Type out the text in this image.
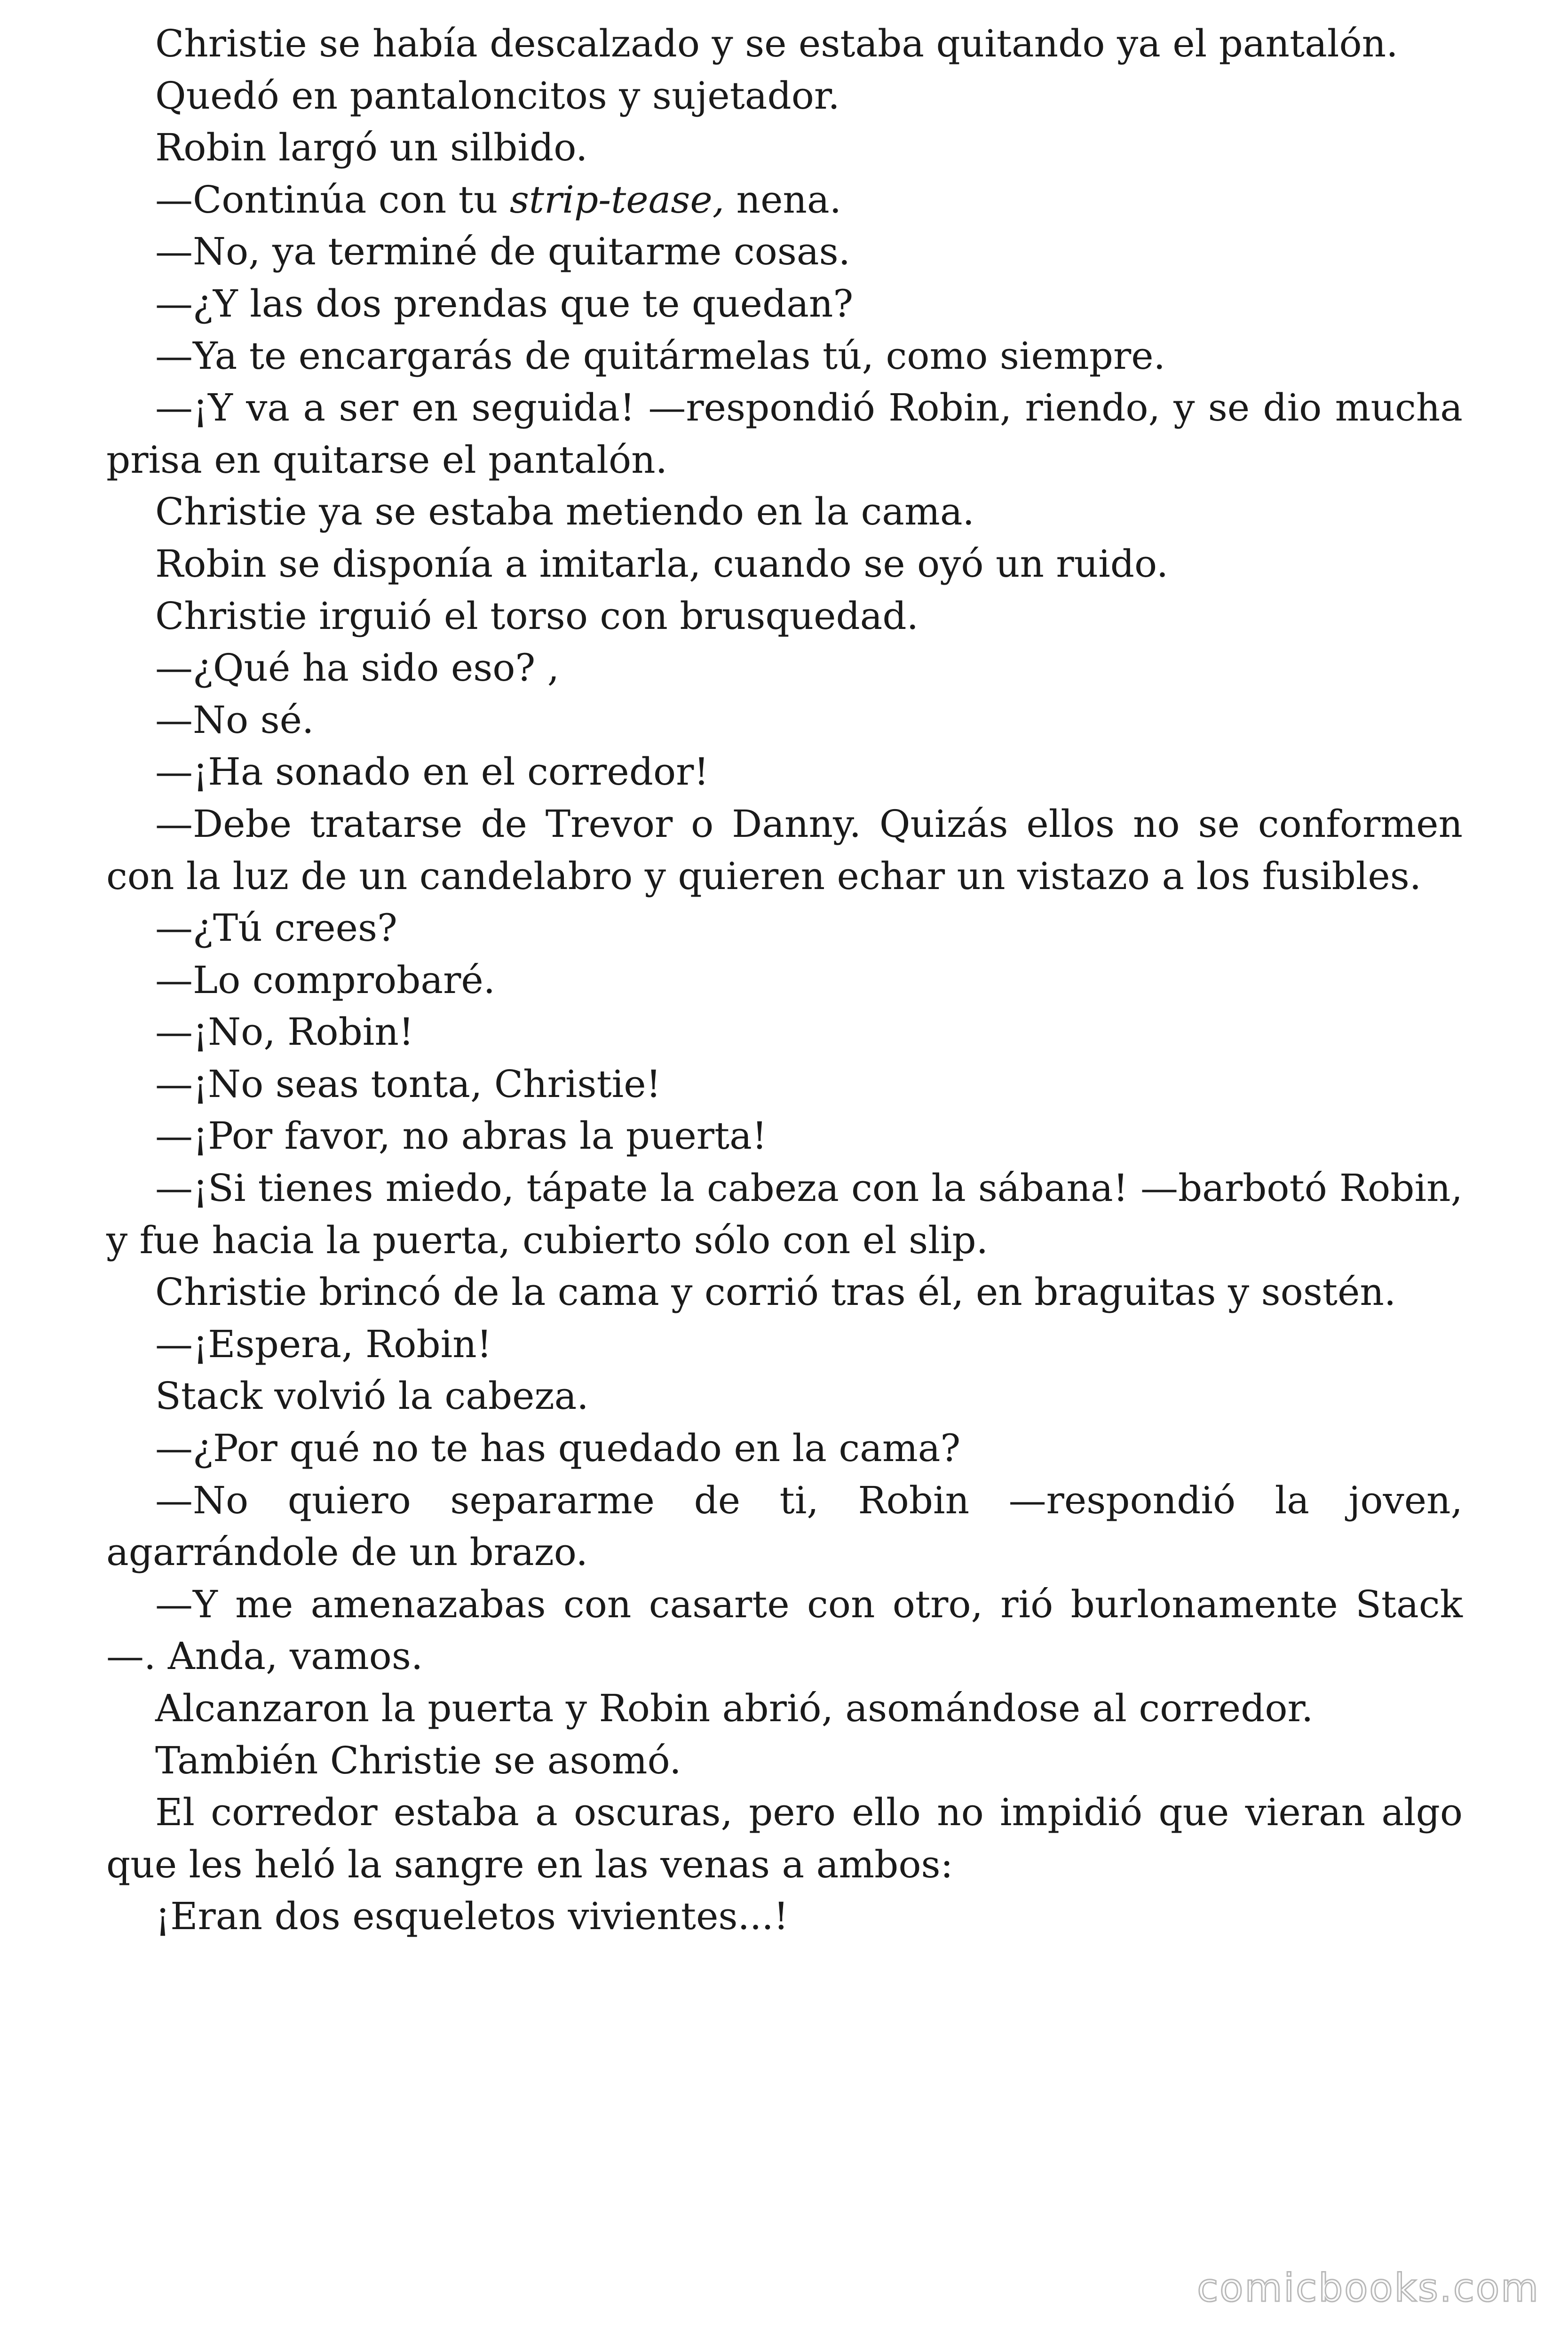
Christie se había descalzado y se estaba quitando ya el pantalón.

Quedó en pantaloncitos y sujetador.

Robin largó un silbido.

—Continúa con tu strip-tease, nena.

—No, ya terminé de quitarme cosas.

—¿Y las dos prendas que te quedan?

—Ya te encargarás de quitármelas tú, como siempre.

—¡Y va a ser en seguida! —respondió Robin, riendo, y se dio mucha prisa en quitarse el pantalón.

Christie ya se estaba metiendo en la cama.

Robin se disponía a imitarla, cuando se oyó un ruido.

Christie irguió el torso con brusquedad.

—¿Qué ha sido eso? ,

—No sé.

—¡Ha sonado en el corredor!

—Debe tratarse de Trevor o Danny. Quizás ellos no se conformen con la luz de un candelabro y quieren echar un vistazo a los fusibles.

—¿Tú crees?

—Lo comprobaré.

—¡No, Robin!

—¡No seas tonta, Christie!

—¡Por favor, no abras la puerta!

—¡Si tienes miedo, tápate la cabeza con la sábana! —barbotó Robin, y fue hacia la puerta, cubierto sólo con el slip.

Christie brincó de la cama y corrió tras él, en braguitas y sostén.

—¡Espera, Robin!

Stack volvió la cabeza.

—¿Por qué no te has quedado en la cama?

—No quiero separarme de ti, Robin —respondió la joven, agarrándole de un brazo.

—Y me amenazabas con casarte con otro, rió burlonamente Stack —. Anda, vamos.

Alcanzaron la puerta y Robin abrió, asomándose al corredor.

También Christie se asomó.

El corredor estaba a oscuras, pero ello no impidió que vieran algo que les heló la sangre en las venas a ambos:

¡Eran dos esqueletos vivientes...!

comicbooks.com
